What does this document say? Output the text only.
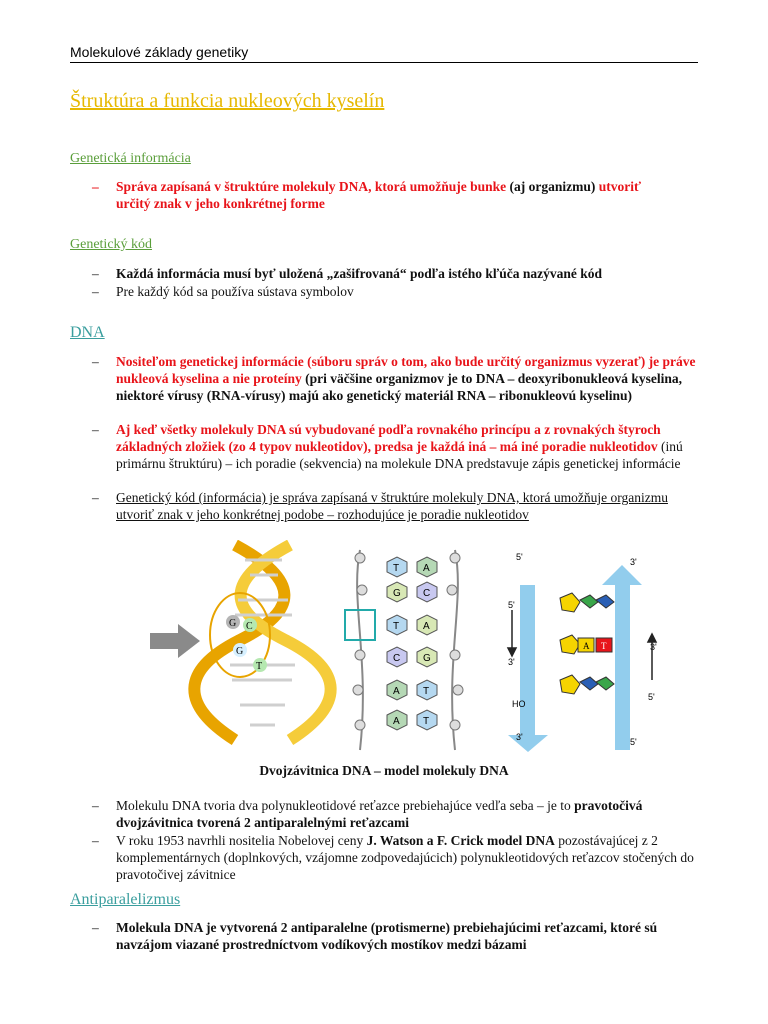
Molekulové základy genetiky
Štruktúra a funkcia nukleových kyselín
Genetická informácia
– Správa zapísaná v štruktúre molekuly DNA, ktorá umožňuje bunke (aj organizmu) utvoriť
určitý znak v jeho konkrétnej forme
Genetický kód
– Každá informácia musí byť uložená „zašifrovaná“ podľa istého kľúča nazývané kód
– Pre každý kód sa používa sústava symbolov
DNA
– Nositeľom genetickej informácie (súboru správ o tom, ako bude určitý organizmus vyzerať) je práve nukleová kyselina a nie proteíny (pri väčšine organizmov je to DNA – deoxyribonukleová kyselina, niektoré vírusy (RNA-vírusy) majú ako genetický materiál RNA – ribonukleovú kyselinu)
– Aj keď všetky molekuly DNA sú vybudované podľa rovnakého princípu a z rovnakých štyroch základných zložiek (zo 4 typov nukleotidov), predsa je každá iná – má iné poradie nukleotidov (inú primárnu štruktúru) – ich poradie (sekvencia) na molekule DNA predstavuje zápis genetickej informácie
– Genetický kód (informácia) je správa zapísaná v štruktúre molekuly DNA, ktorá umožňuje organizmu utvoriť znak v jeho konkrétnej podobe – rozhodujúce je poradie nukleotidov
G C
G
T
T A
G C
T A
C G
A T
A T
5'	3'
5'
3'
3'
5'
HO
3'	5'
A T
Dvojzávitnica DNA – model molekuly DNA
– Molekulu DNA tvoria dva polynukleotidové reťazce prebiehajúce vedľa seba – je to pravotočivá dvojzávitnica tvorená 2 antiparalelnými reťazcami
– V roku 1953 navrhli nositelia Nobelovej ceny J. Watson a F. Crick model DNA pozostávajúcej z 2 komplementárnych (doplnkových, vzájomne zodpovedajúcich) polynukleotidových reťazcov stočených do pravotočivej závitnice
Antiparalelizmus
– Molekula DNA je vytvorená 2 antiparalelne (protismerne) prebiehajúcimi reťazcami, ktoré sú navzájom viazané prostredníctvom vodíkových mostíkov medzi bázami
